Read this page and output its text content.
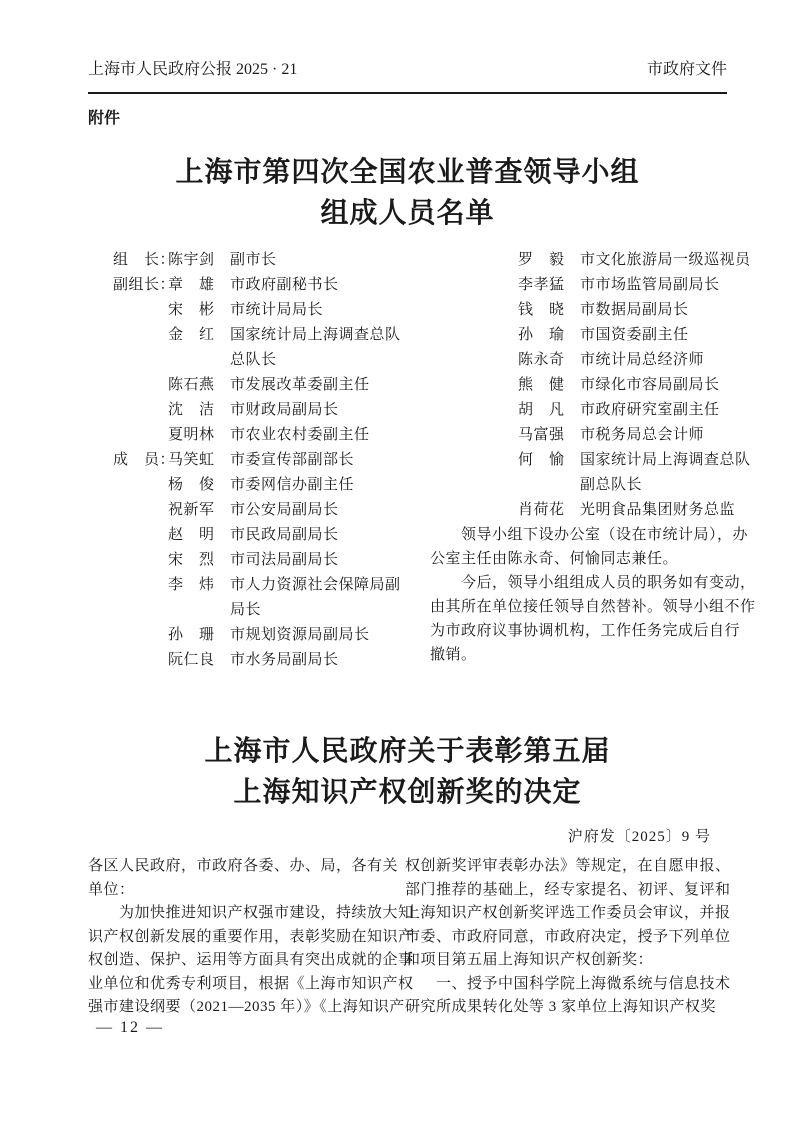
上海市人民政府公报 2025 · 21	市政府文件
附件
上海市第四次全国农业普查领导小组
组成人员名单
组　长：
陈宇剑	副市长
副组长：
章　雄	市政府副秘书长
宋　彬	市统计局局长
金　红	国家统计局上海调查总队
总队长
陈石燕	市发展改革委副主任
沈　洁	市财政局副局长
夏明林	市农业农村委副主任
成　员：
马笑虹	市委宣传部副部长
杨　俊	市委网信办副主任
祝新军	市公安局副局长
赵　明	市民政局副局长
宋　烈	市司法局副局长
李　炜	市人力资源社会保障局副
局长
孙　珊	市规划资源局副局长
阮仁良	市水务局副局长
罗　毅	市文化旅游局一级巡视员
李孝猛	市市场监管局副局长
钱　晓	市数据局副局长
孙　瑜	市国资委副主任
陈永奇	市统计局总经济师
熊　健	市绿化市容局副局长
胡　凡	市政府研究室副主任
马富强	市税务局总会计师
何　愉	国家统计局上海调查总队
副总队长
肖荷花	光明食品集团财务总监
　　领导小组下设办公室（设在市统计局），办
公室主任由陈永奇、何愉同志兼任。
　　今后，领导小组组成人员的职务如有变动，
由其所在单位接任领导自然替补。领导小组不作
为市政府议事协调机构，工作任务完成后自行
撤销。
上海市人民政府关于表彰第五届
上海知识产权创新奖的决定
沪府发〔2025〕9 号
各区人民政府，市政府各委、办、局，各有关
单位：
　　为加快推进知识产权强市建设，持续放大知
识产权创新发展的重要作用，表彰奖励在知识产
权创造、保护、运用等方面具有突出成就的企事
业单位和优秀专利项目，根据《上海市知识产权
强市建设纲要（2021—2035 年）》《上海知识产
权创新奖评审表彰办法》等规定，在自愿申报、
部门推荐的基础上，经专家提名、初评、复评和
上海知识产权创新奖评选工作委员会审议，并报
市委、市政府同意，市政府决定，授予下列单位
和项目第五届上海知识产权创新奖：
　　一、授予中国科学院上海微系统与信息技术
研究所成果转化处等 3 家单位上海知识产权奖
— 12 —
